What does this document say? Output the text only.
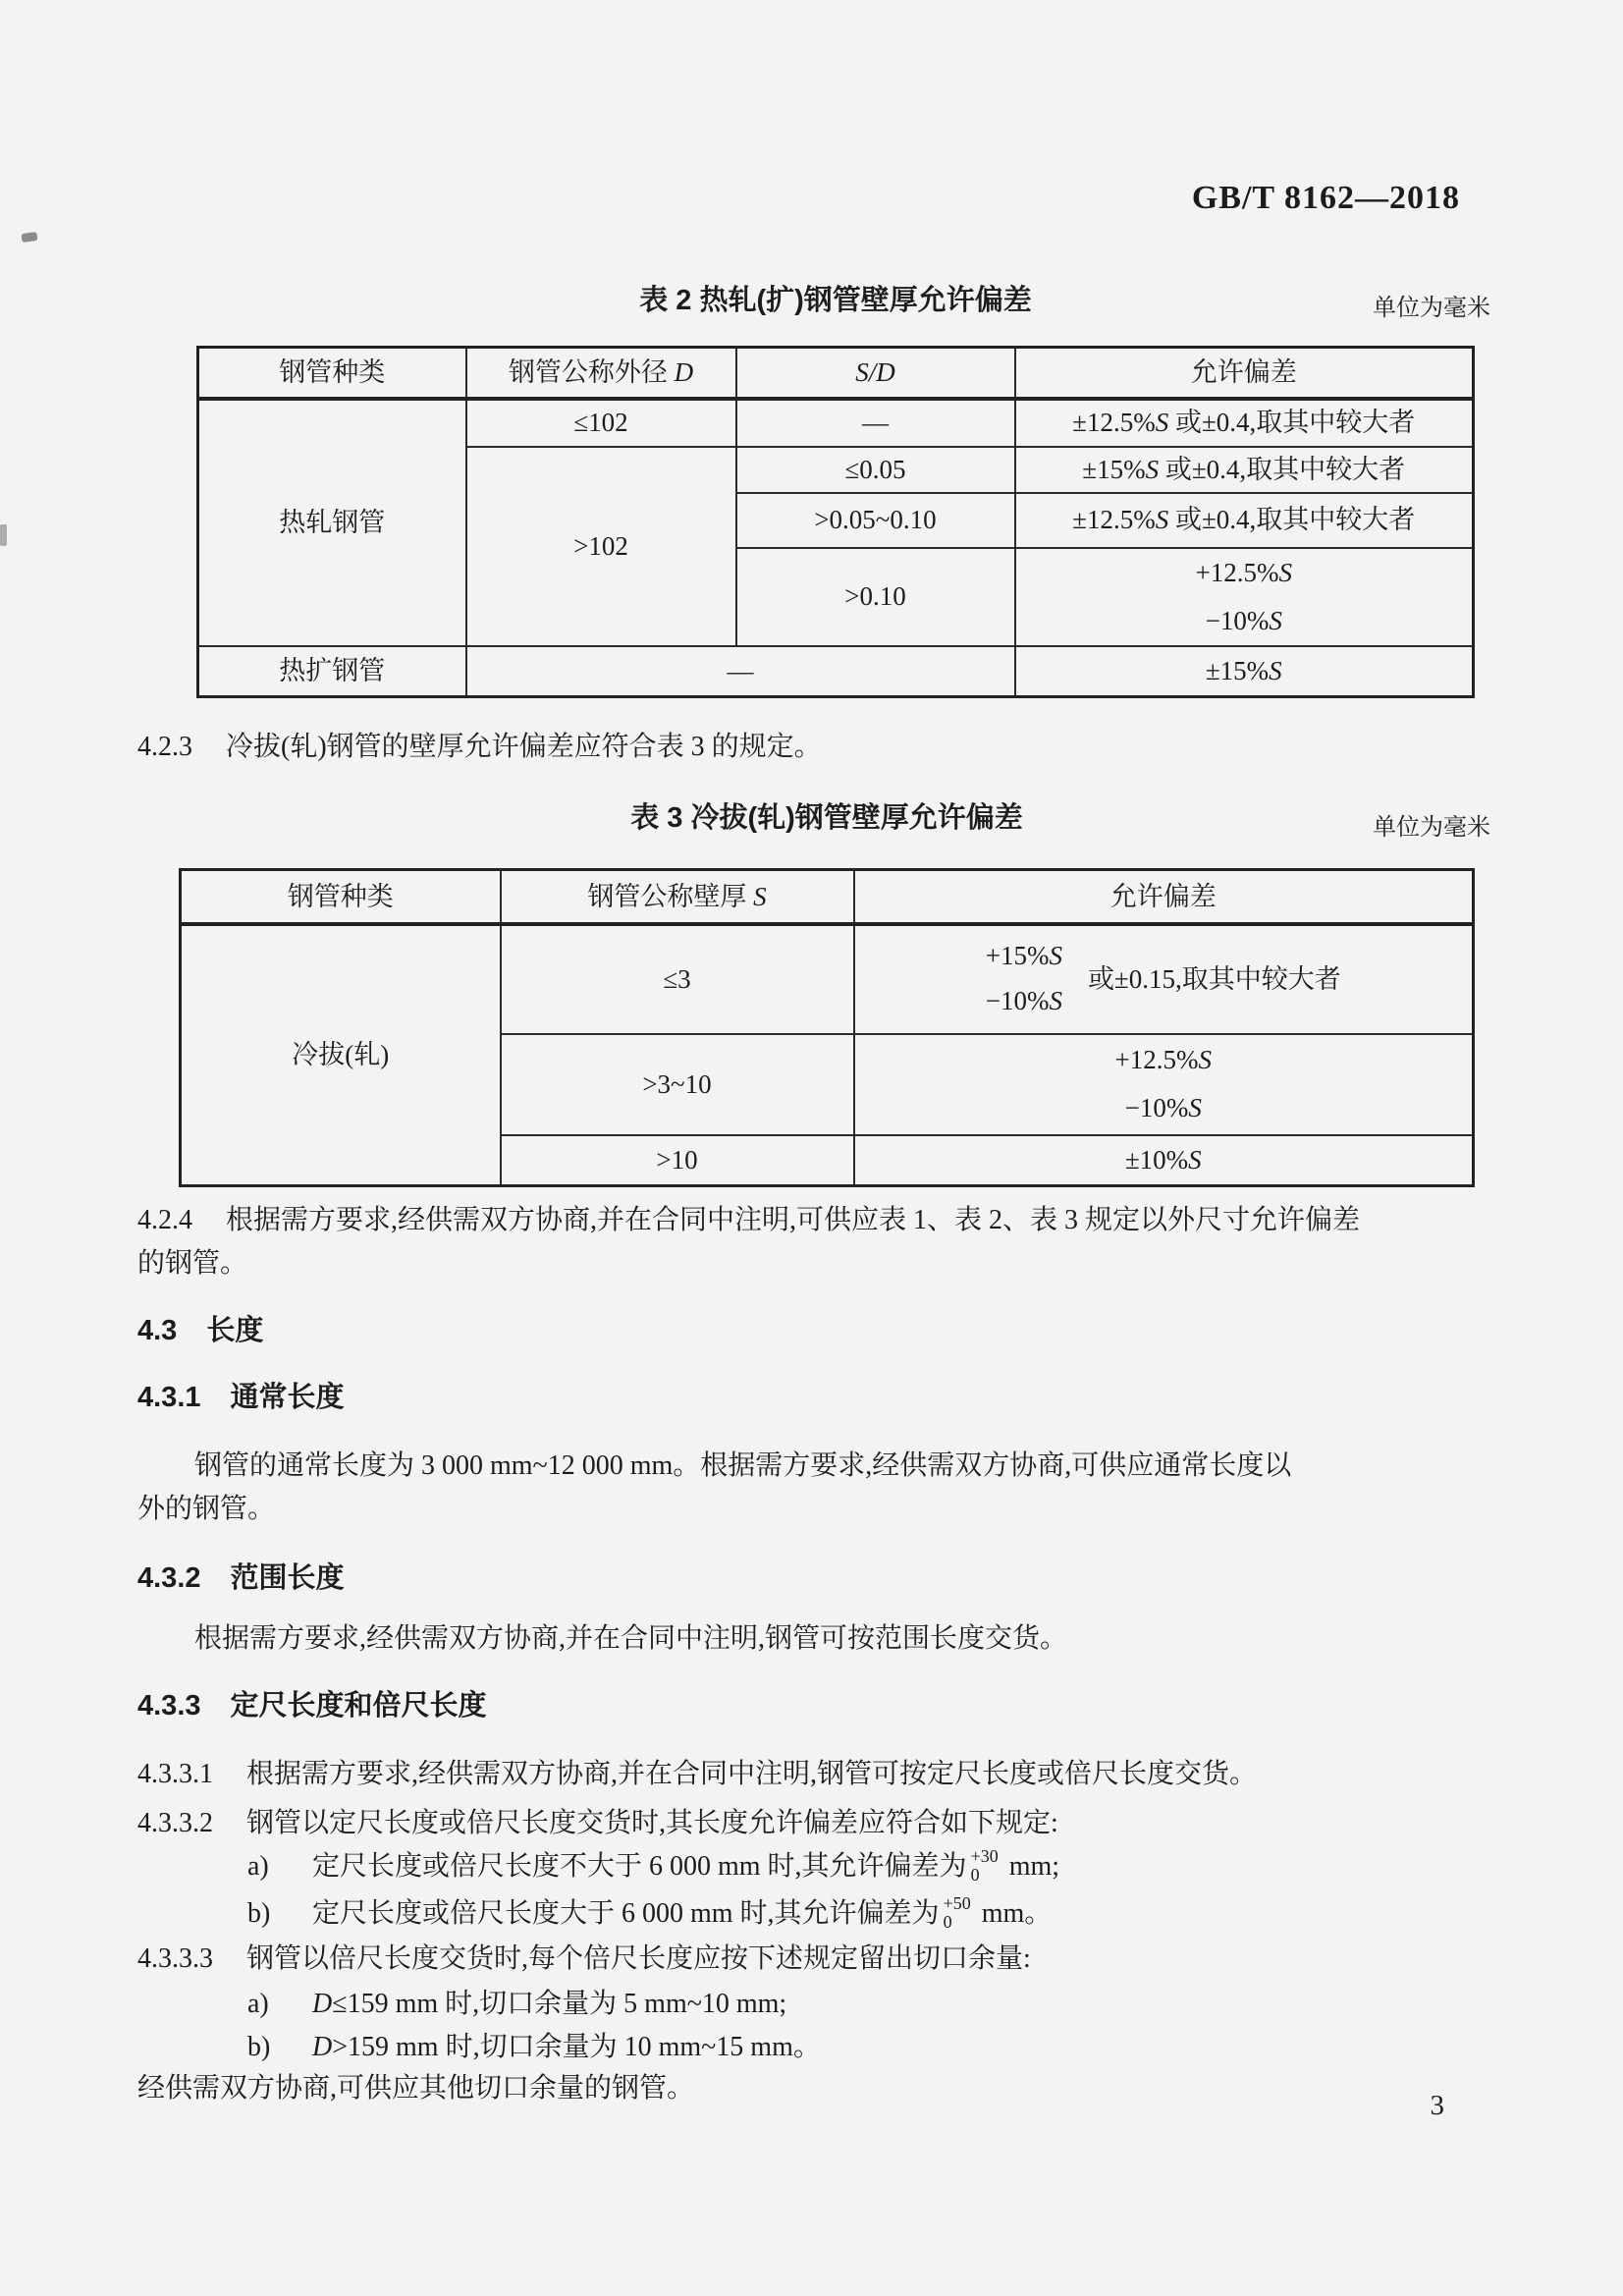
GB/T 8162—2018
表 2 热轧(扩)钢管壁厚允许偏差	单位为毫米
钢管种类	钢管公称外径 D	S/D	允许偏差
热轧钢管	≤102	—	±12.5%S 或±0.4,取其中较大者
	>102	≤0.05	±15%S 或±0.4,取其中较大者
		>0.05~0.10	±12.5%S 或±0.4,取其中较大者
		>0.10	+12.5%S
−10%S

热扩钢管	—		±15%S
4.2.3 冷拔(轧)钢管的壁厚允许偏差应符合表 3 的规定。
表 3 冷拔(轧)钢管壁厚允许偏差	单位为毫米
钢管种类	钢管公称壁厚 S	允许偏差
冷拔(轧)	≤3	+15%S
−10%S
或±0.15,取其中较大者

	>3~10	+12.5%S
−10%S

	>10	±10%S
4.2.4 根据需方要求,经供需双方协商,并在合同中注明,可供应表 1、表 2、表 3 规定以外尺寸允许偏差
的钢管。
4.3 长度
4.3.1 通常长度
钢管的通常长度为 3 000 mm~12 000 mm。根据需方要求,经供需双方协商,可供应通常长度以
外的钢管。
4.3.2 范围长度
根据需方要求,经供需双方协商,并在合同中注明,钢管可按范围长度交货。
4.3.3 定尺长度和倍尺长度
4.3.3.1 根据需方要求,经供需双方协商,并在合同中注明,钢管可按定尺长度或倍尺长度交货。
4.3.3.2 钢管以定尺长度或倍尺长度交货时,其长度允许偏差应符合如下规定:
a) 定尺长度或倍尺长度不大于 6 000 mm 时,其允许偏差为 +30
0 mm;
b) 定尺长度或倍尺长度大于 6 000 mm 时,其允许偏差为 +50
0 mm。
4.3.3.3 钢管以倍尺长度交货时,每个倍尺长度应按下述规定留出切口余量:
a) D≤159 mm 时,切口余量为 5 mm~10 mm;
b) D>159 mm 时,切口余量为 10 mm~15 mm。
经供需双方协商,可供应其他切口余量的钢管。
3
